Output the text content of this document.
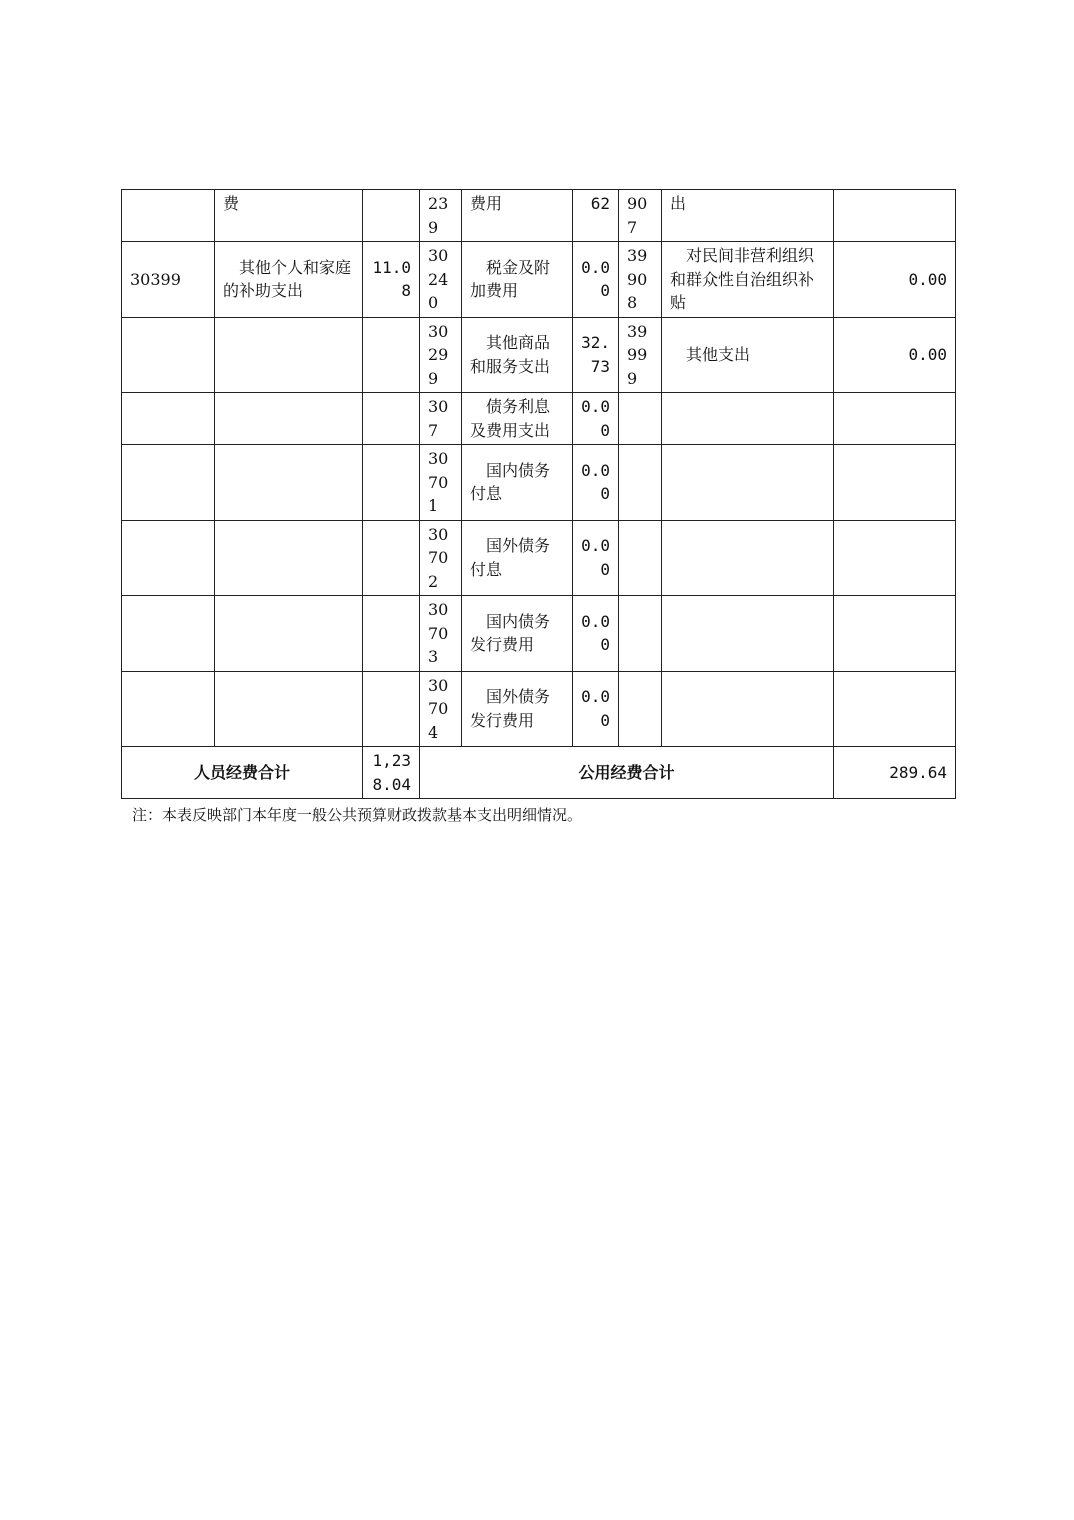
	费		239	费用	62	907	出	
30399	其他个人和家庭的补助支出	11.08	30240	税金及附加费用	0.00	39908	对民间非营利组织和群众性自治组织补贴	0.00
			30299	其他商品和服务支出	32.73	39999	其他支出	0.00
			307	债务利息及费用支出	0.00			
			30701	国内债务付息	0.00			
			30702	国外债务付息	0.00			
			30703	国内债务发行费用	0.00			
			30704	国外债务发行费用	0.00			
人员经费合计		1,238.04	公用经费合计					289.64
注：本表反映部门本年度一般公共预算财政拨款基本支出明细情况。
